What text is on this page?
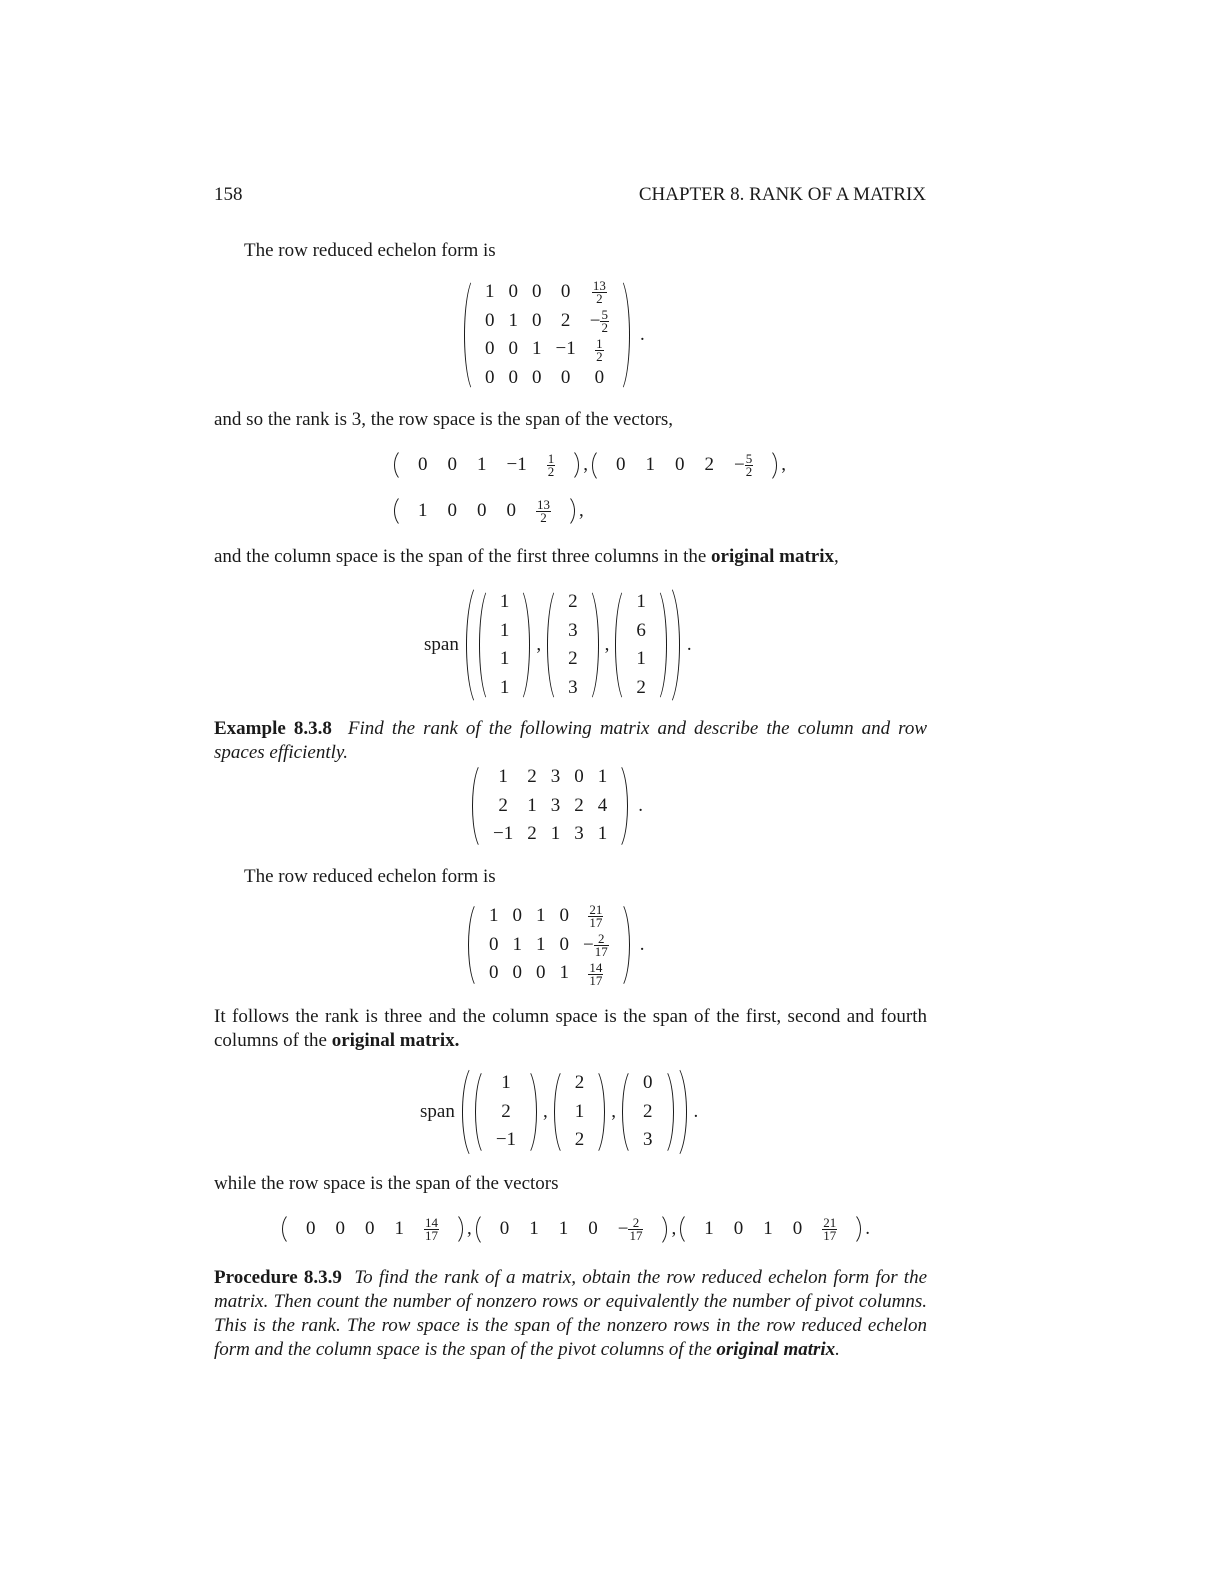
158	CHAPTER 8. RANK OF A MATRIX

The row reduced echelon form is

1	0	0	0	$\frac{13}{2}$

0	1	0	2	− $\frac{5}{2}$

0	0	1	−1	$\frac{1}{2}$

0	0	0	0	0
.

and so the rank is 3, the row space is the span of the vectors,

0	0	1	−1	$\frac{1}{2}$ , 0	1	0	2	− $\frac{5}{2}$ ,
1	0	0	0	$\frac{13}{2}$ ,

and the column space is the span of the first three columns in the original matrix,

span
1
1
1
1
,
2
3
2
3
,
1
6
1
2
.

Example 8.3.8 Find the rank of the following matrix and describe the column and row spaces efficiently.

1	2	3	0	1
2	1	3	2	4
−1	2	1	3	1
.

The row reduced echelon form is

1	0	1	0	$\frac{21}{17}$

0	1	1	0	− $\frac{2}{17}$

0	0	0	1	$\frac{14}{17}$
.

It follows the rank is three and the column space is the span of the first, second and fourth columns of the original matrix.

span
1
2
−1
,
2
1
2
,
0
2
3
.

while the row space is the span of the vectors

0	0	0	1	$\frac{14}{17}$ , 0	1	1	0	− $\frac{2}{17}$ , 1	0	1	0	$\frac{21}{17}$ .

Procedure 8.3.9 To find the rank of a matrix, obtain the row reduced echelon form for the matrix. Then count the number of nonzero rows or equivalently the number of pivot columns. This is the rank. The row space is the span of the nonzero rows in the row reduced echelon form and the column space is the span of the pivot columns of the original matrix.
